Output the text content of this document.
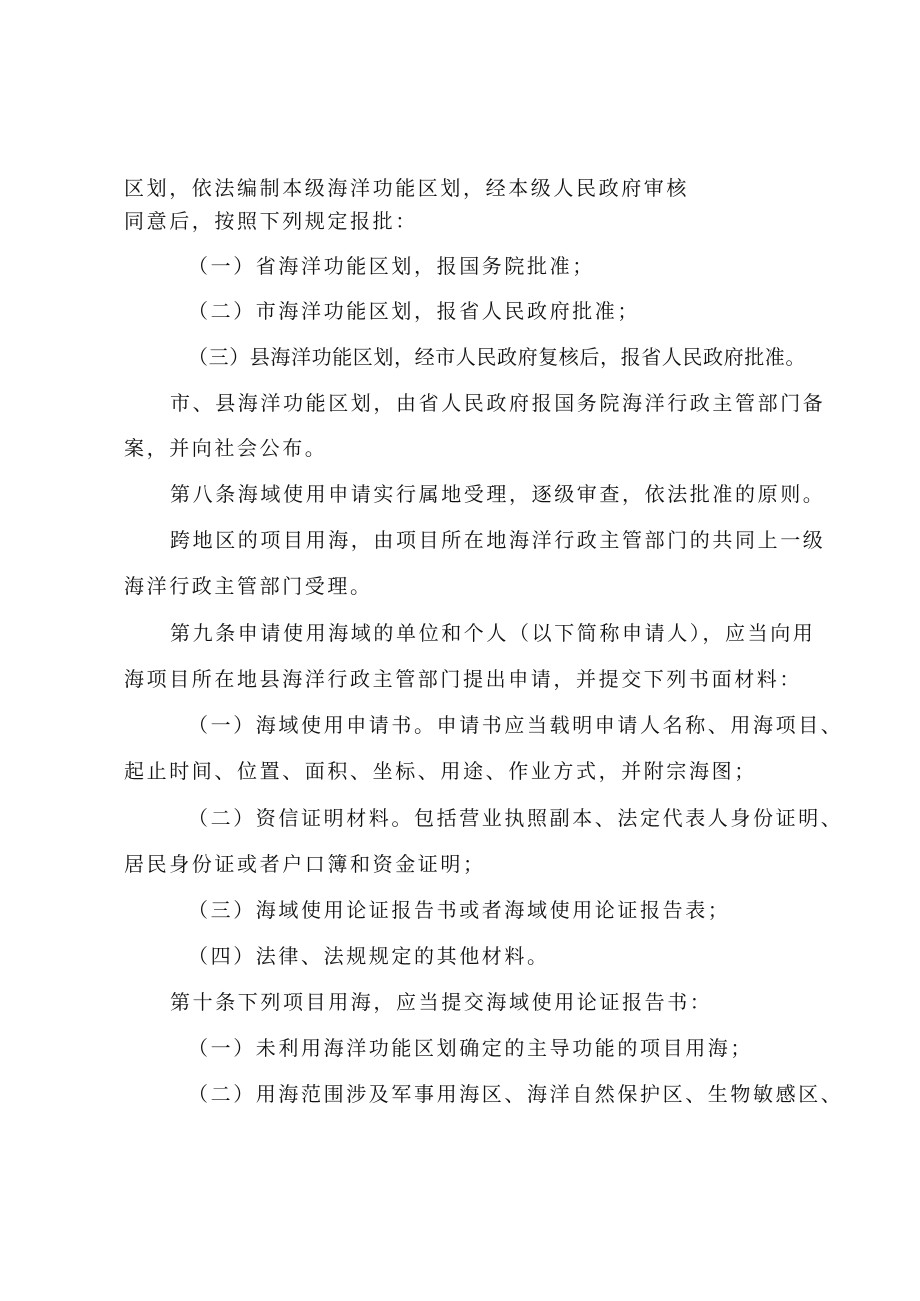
区划，依法编制本级海洋功能区划，经本级人民政府审核
同意后，按照下列规定报批：
（一）省海洋功能区划，报国务院批准；
（二）市海洋功能区划，报省人民政府批准；
（三）县海洋功能区划，经市人民政府复核后，报省人民政府批准。
市、县海洋功能区划，由省人民政府报国务院海洋行政主管部门备
案，并向社会公布。
第八条海域使用申请实行属地受理，逐级审查，依法批准的原则。
跨地区的项目用海，由项目所在地海洋行政主管部门的共同上一级
海洋行政主管部门受理。
第九条申请使用海域的单位和个人（以下简称申请人），应当向用
海项目所在地县海洋行政主管部门提出申请，并提交下列书面材料：
（一）海域使用申请书。申请书应当载明申请人名称、用海项目、
起止时间、位置、面积、坐标、用途、作业方式，并附宗海图；
（二）资信证明材料。包括营业执照副本、法定代表人身份证明、
居民身份证或者户口簿和资金证明；
（三）海域使用论证报告书或者海域使用论证报告表；
（四）法律、法规规定的其他材料。
第十条下列项目用海，应当提交海域使用论证报告书：
（一）未利用海洋功能区划确定的主导功能的项目用海；
（二）用海范围涉及军事用海区、海洋自然保护区、生物敏感区、
